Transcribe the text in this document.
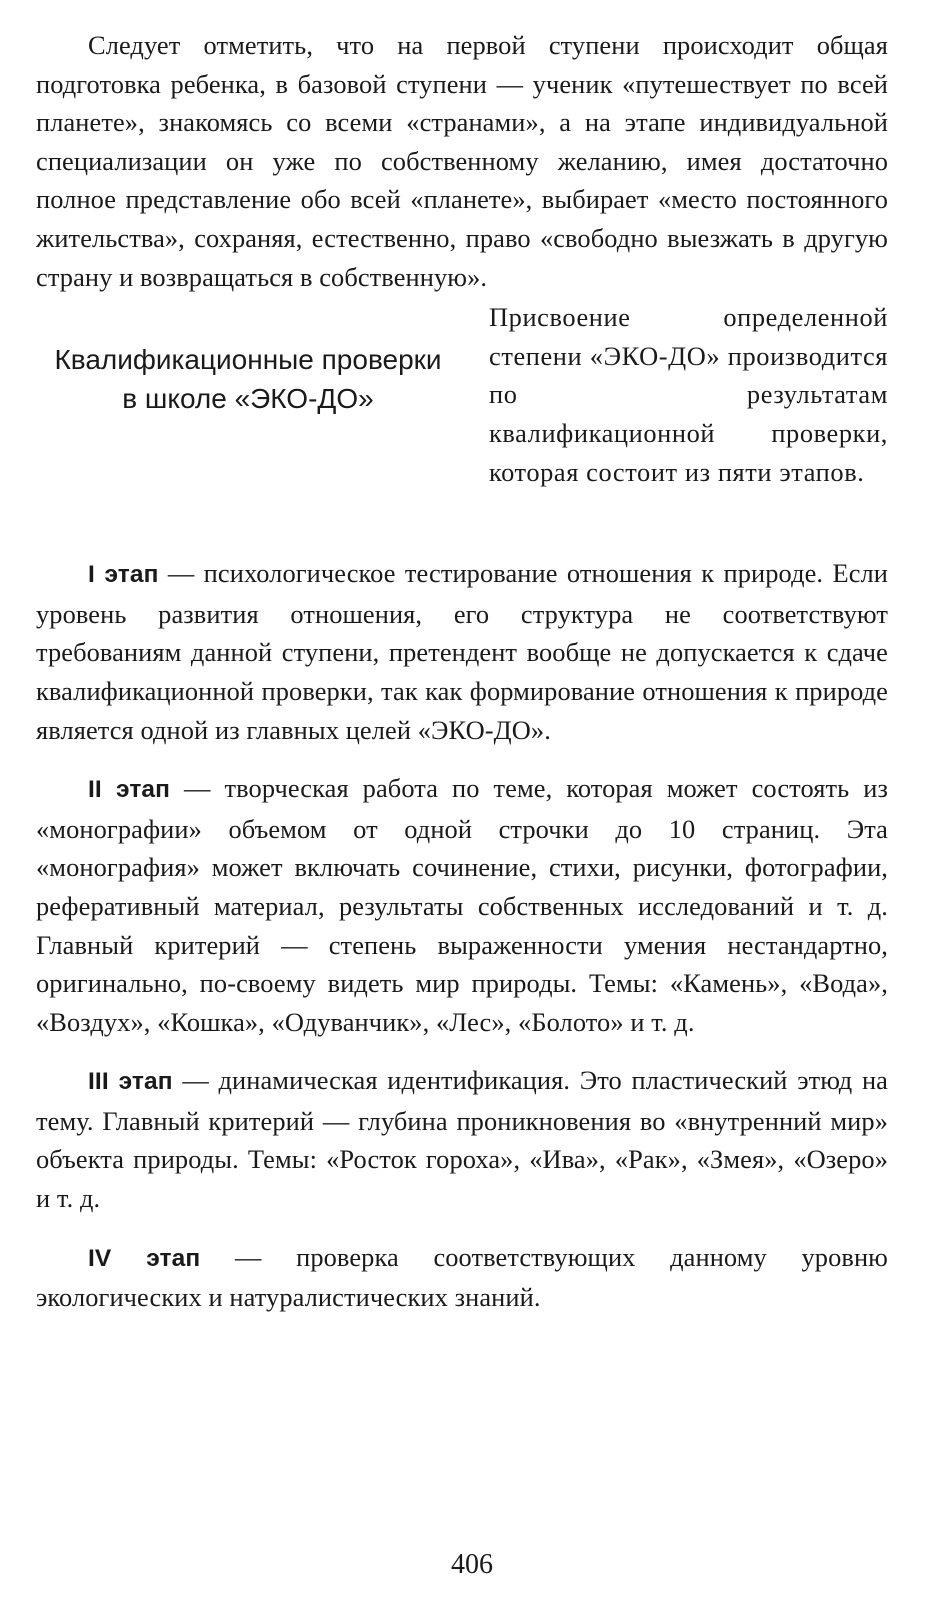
Следует отметить, что на первой ступени происходит общая подготовка ребенка, в базовой ступени — ученик «путешествует по всей планете», знакомясь со всеми «странами», а на этапе индивидуальной специализации он уже по собственному желанию, имея достаточно полное представление обо всей «планете», выбирает «место постоянного жительства», сохраняя, естественно, право «свободно выезжать в другую страну и возвращаться в собственную».

Квалификационные проверки в школе «ЭКО-ДО»

Присвоение определенной степени «ЭКО-ДО» производится по результатам квалификационной проверки, которая состоит из пяти этапов.

I этап — психологическое тестирование отношения к природе. Если уровень развития отношения, его структура не соответствуют требованиям данной ступени, претендент вообще не допускается к сдаче квалификационной проверки, так как формирование отношения к природе является одной из главных целей «ЭКО-ДО».

II этап — творческая работа по теме, которая может состоять из «монографии» объемом от одной строчки до 10 страниц. Эта «монография» может включать сочинение, стихи, рисунки, фотографии, реферативный материал, результаты собственных исследований и т. д. Главный критерий — степень выраженности умения нестандартно, оригинально, по-своему видеть мир природы. Темы: «Камень», «Вода», «Воздух», «Кошка», «Одуванчик», «Лес», «Болото» и т. д.

III этап — динамическая идентификация. Это пластический этюд на тему. Главный критерий — глубина проникновения во «внутренний мир» объекта природы. Темы: «Росток гороха», «Ива», «Рак», «Змея», «Озеро» и т. д.

IV этап — проверка соответствующих данному уровню экологических и натуралистических знаний.

406
